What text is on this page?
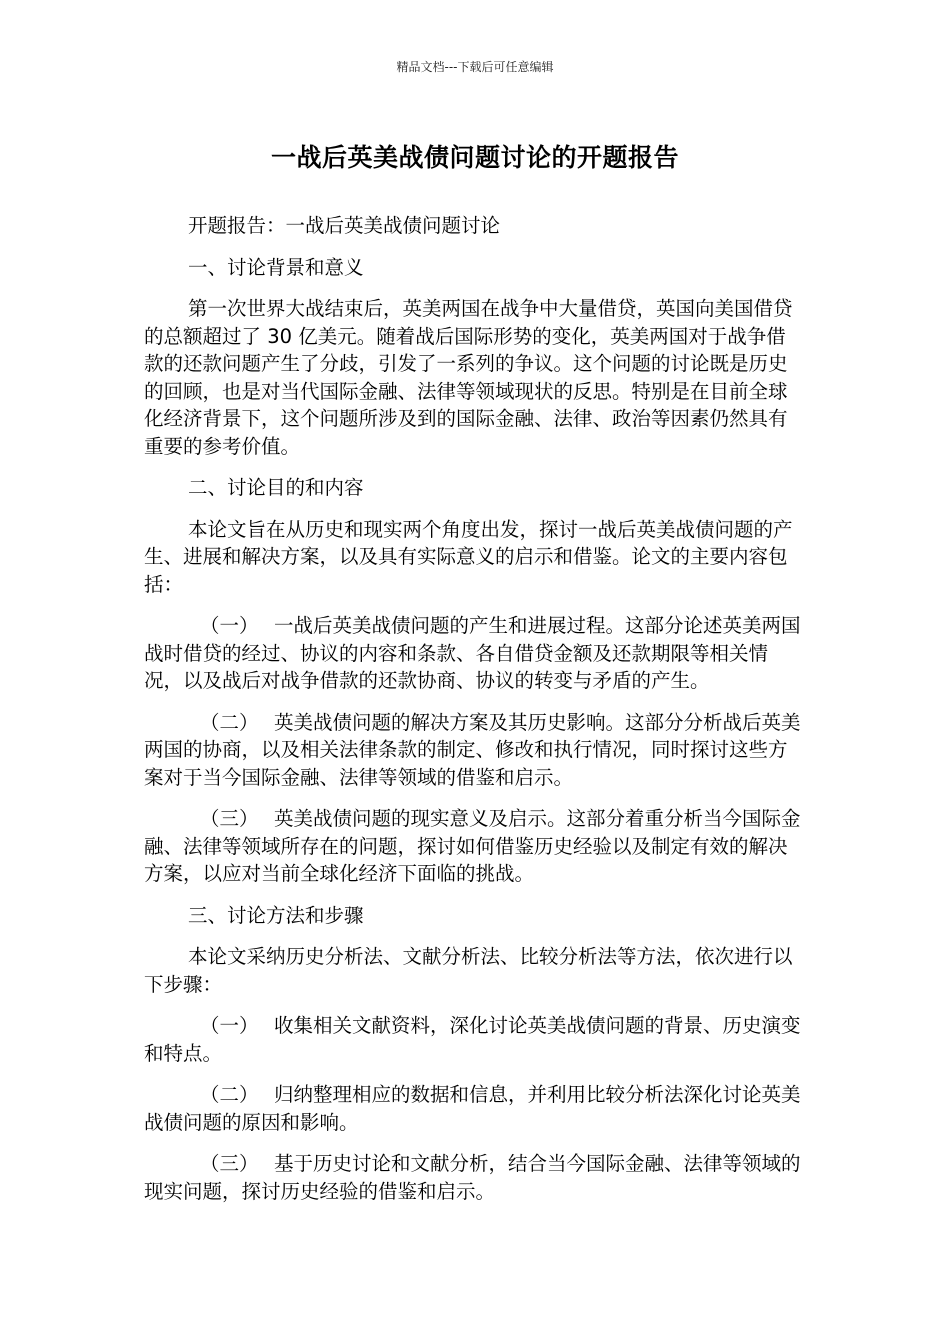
精品文档---下载后可任意编辑
一战后英美战债问题讨论的开题报告

开题报告：一战后英美战债问题讨论

一、讨论背景和意义

第一次世界大战结束后，英美两国在战争中大量借贷，英国向美国借贷的总额超过了 30 亿美元。随着战后国际形势的变化，英美两国对于战争借款的还款问题产生了分歧，引发了一系列的争议。这个问题的讨论既是历史的回顾，也是对当代国际金融、法律等领域现状的反思。特别是在目前全球化经济背景下，这个问题所涉及到的国际金融、法律、政治等因素仍然具有重要的参考价值。

二、讨论目的和内容

本论文旨在从历史和现实两个角度出发，探讨一战后英美战债问题的产生、进展和解决方案，以及具有实际意义的启示和借鉴。论文的主要内容包括：

（一） 一战后英美战债问题的产生和进展过程。这部分论述英美两国战时借贷的经过、协议的内容和条款、各自借贷金额及还款期限等相关情况，以及战后对战争借款的还款协商、协议的转变与矛盾的产生。

（二） 英美战债问题的解决方案及其历史影响。这部分分析战后英美两国的协商，以及相关法律条款的制定、修改和执行情况，同时探讨这些方案对于当今国际金融、法律等领域的借鉴和启示。

（三） 英美战债问题的现实意义及启示。这部分着重分析当今国际金融、法律等领域所存在的问题，探讨如何借鉴历史经验以及制定有效的解决方案，以应对当前全球化经济下面临的挑战。

三、讨论方法和步骤

本论文采纳历史分析法、文献分析法、比较分析法等方法，依次进行以下步骤：

（一） 收集相关文献资料，深化讨论英美战债问题的背景、历史演变和特点。

（二） 归纳整理相应的数据和信息，并利用比较分析法深化讨论英美战债问题的原因和影响。

（三） 基于历史讨论和文献分析，结合当今国际金融、法律等领域的现实问题，探讨历史经验的借鉴和启示。
